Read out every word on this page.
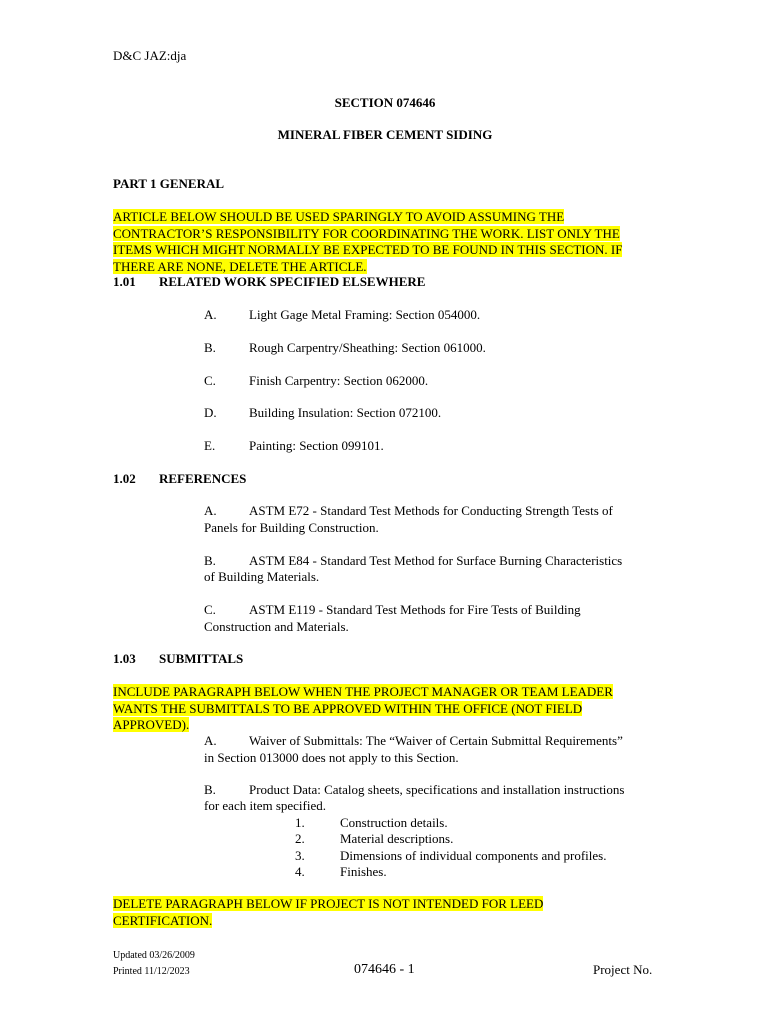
D&C JAZ:dja
SECTION 074646
MINERAL FIBER CEMENT SIDING
PART 1 GENERAL
ARTICLE BELOW SHOULD BE USED SPARINGLY TO AVOID ASSUMING THE CONTRACTOR’S RESPONSIBILITY FOR COORDINATING THE WORK. LIST ONLY THE ITEMS WHICH MIGHT NORMALLY BE EXPECTED TO BE FOUND IN THIS SECTION. IF THERE ARE NONE, DELETE THE ARTICLE.
1.01 RELATED WORK SPECIFIED ELSEWHERE
A. Light Gage Metal Framing: Section 054000.
B.	Rough Carpentry/Sheathing: Section 061000.
C.	Finish Carpentry: Section 062000.
D. Building Insulation: Section 072100.
E.	Painting: Section 099101.
1.02 REFERENCES
A. ASTM E72 - Standard Test Methods for Conducting Strength Tests of
Panels for Building Construction.
B.	ASTM E84 - Standard Test Method for Surface Burning Characteristics
of Building Materials.
C.	ASTM E119 - Standard Test Methods for Fire Tests of Building
Construction and Materials.
1.03 SUBMITTALS
INCLUDE PARAGRAPH BELOW WHEN THE PROJECT MANAGER OR TEAM LEADER WANTS THE SUBMITTALS TO BE APPROVED WITHIN THE OFFICE (NOT FIELD APPROVED).
A. Waiver of Submittals: The “Waiver of Certain Submittal Requirements”
in Section 013000 does not apply to this Section.
B.	Product Data: Catalog sheets, specifications and installation instructions
for each item specified.
1.	Construction details.
2.	Material descriptions.
3.	Dimensions of individual components and profiles.
4.	Finishes.
DELETE PARAGRAPH BELOW IF PROJECT IS NOT INTENDED FOR LEED CERTIFICATION.
Updated 03/26/2009
Printed 11/12/2023	074646 - 1	Project No.
